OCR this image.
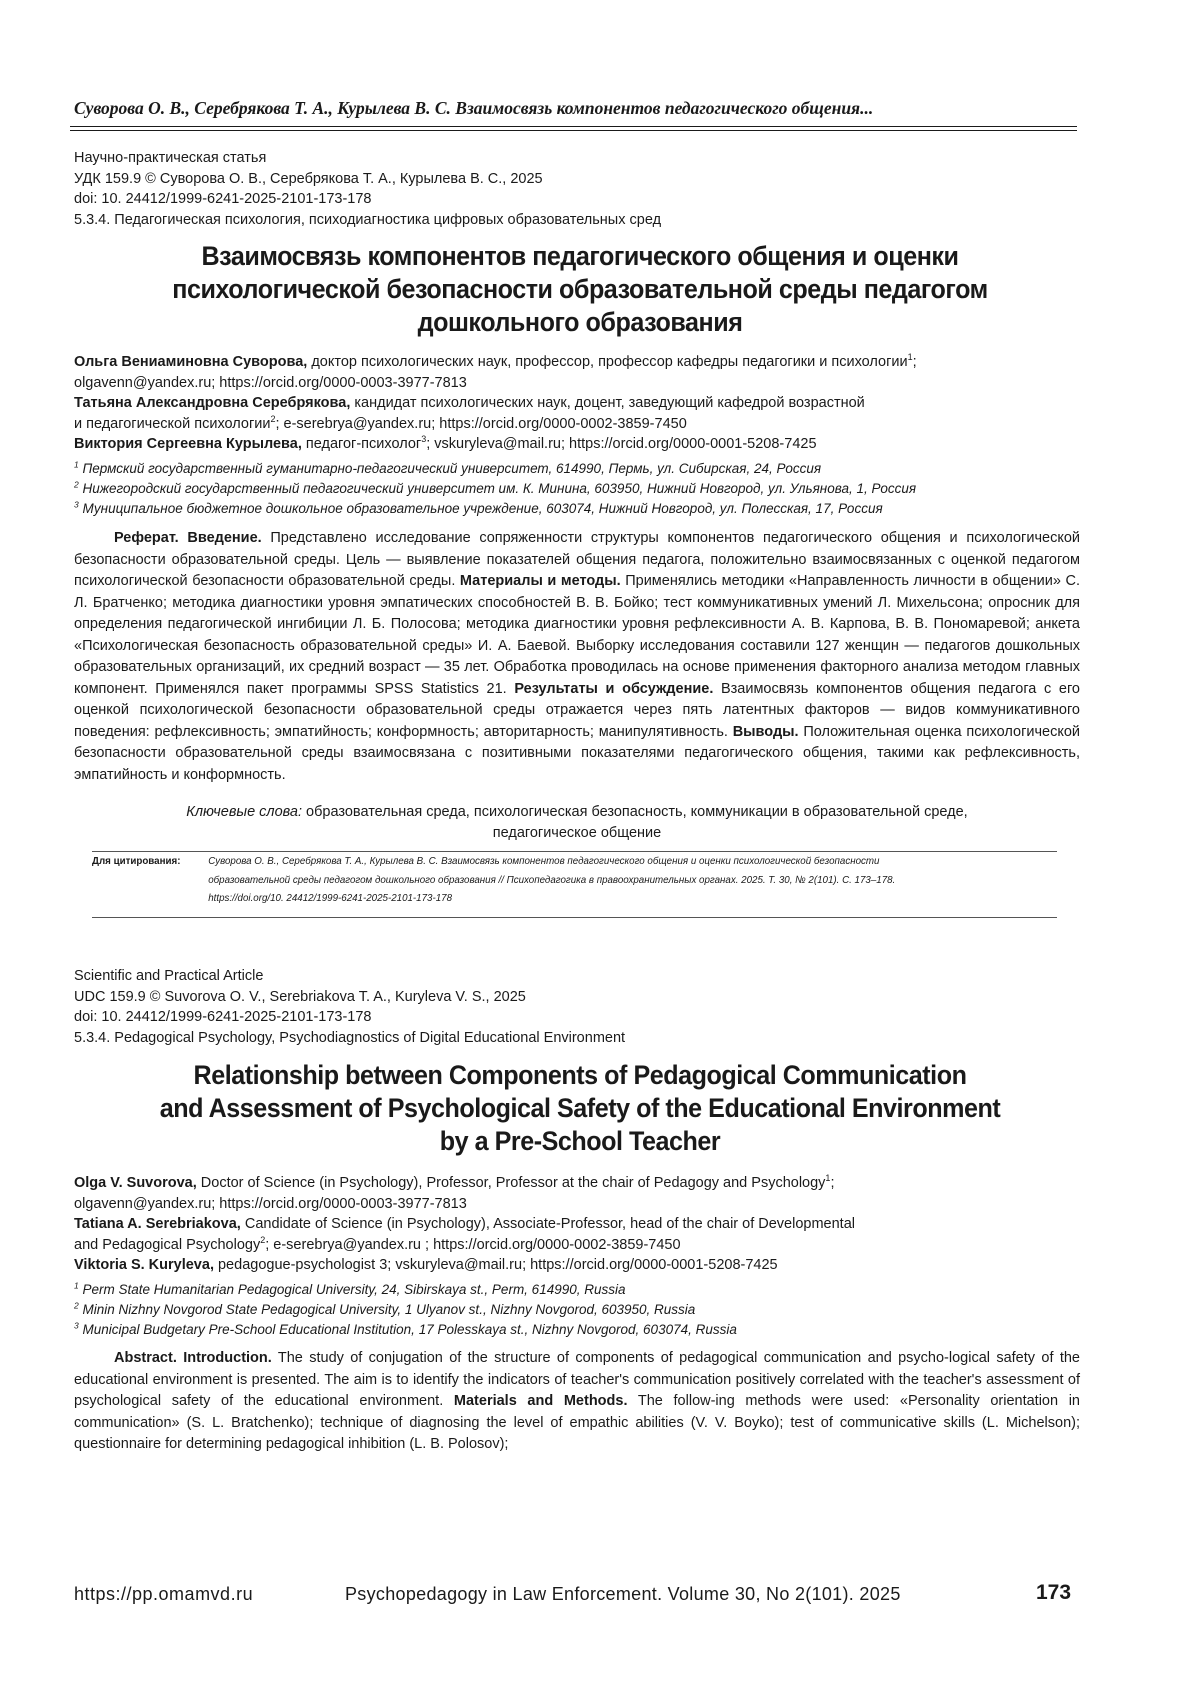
Суворова О. В., Серебрякова Т. А., Курылева В. С. Взаимосвязь компонентов педагогического общения...
Научно-практическая статья
УДК 159.9 © Суворова О. В., Серебрякова Т. А., Курылева В. С., 2025
doi: 10. 24412/1999-6241-2025-2101-173-178
5.3.4. Педагогическая психология, психодиагностика цифровых образовательных сред
Взаимосвязь компонентов педагогического общения и оценки
психологической безопасности образовательной среды педагогом
дошкольного образования
Ольга Вениаминовна Суворова, доктор психологических наук, профессор, профессор кафедры педагогики и психологии$^1$;
olgavenn@yandex.ru; https://orcid.org/0000-0003-3977-7813
Татьяна Александровна Серебрякова, кандидат психологических наук, доцент, заведующий кафедрой возрастной
и педагогической психологии$^2$; e-serebrya@yandex.ru; https://orcid.org/0000-0002-3859-7450
Виктория Сергеевна Курылева, педагог-психолог$^3$; vskuryleva@mail.ru; https://orcid.org/0000-0001-5208-7425
$^1$ Пермский государственный гуманитарно-педагогический университет, 614990, Пермь, ул. Сибирская, 24, Россия
$^2$ Нижегородский государственный педагогический университет им. К. Минина, 603950, Нижний Новгород, ул. Ульянова, 1, Россия
$^3$ Муниципальное бюджетное дошкольное образовательное учреждение, 603074, Нижний Новгород, ул. Полесская, 17, Россия

Реферат. Введение. Представлено исследование сопряженности структуры компонентов педагогического общения и психологической безопасности образовательной среды. Цель — выявление показателей общения педагога, положительно взаимосвязанных с оценкой педагогом психологической безопасности образовательной среды. Материалы и методы. Применялись методики «Направленность личности в общении» С. Л. Братченко; методика диагностики уровня эмпатических способностей В. В. Бойко; тест коммуникативных умений Л. Михельсона; опросник для определения педагогической ингибиции Л. Б. Полосова; методика диагностики уровня рефлексивности А. В. Карпова, В. В. Пономаревой; анкета «Психологическая безопасность образовательной среды» И. А. Баевой. Выборку исследования составили 127 женщин — педагогов дошкольных образовательных организаций, их средний возраст — 35 лет. Обработка проводилась на основе применения факторного анализа методом главных компонент. Применялся пакет программы SPSS Statistics 21. Результаты и обсуждение. Взаимосвязь компонентов общения педагога с его оценкой психологической безопасности образовательной среды отражается через пять латентных факторов — видов коммуникативного поведения: рефлексивность; эмпатийность; конформность; авторитарность; манипулятивность. Выводы. Положительная оценка психологической безопасности образовательной среды взаимосвязана с позитивными показателями педагогического общения, такими как рефлексивность, эмпатийность и конформность.

Ключевые слова: образовательная среда, психологическая безопасность, коммуникации в образовательной среде,
педагогическое общение
Для цитирования:	Суворова О. В., Серебрякова Т. А., Курылева В. С. Взаимосвязь компонентов педагогического общения и оценки психологической безопасности
образовательной среды педагогом дошкольного образования // Психопедагогика в правоохранительных органах. 2025. Т. 30, № 2(101). С. 173–178.
https://doi.org/10. 24412/1999-6241-2025-2101-173-178
Scientific and Practical Article
UDC 159.9 © Suvorova O. V., Serebriakova T. A., Kuryleva V. S., 2025
doi: 10. 24412/1999-6241-2025-2101-173-178
5.3.4. Pedagogical Psychology, Psychodiagnostics of Digital Educational Environment
Relationship between Components of Pedagogical Communication
and Assessment of Psychological Safety of the Educational Environment
by a Pre-School Teacher
Olga V. Suvorova, Doctor of Science (in Psychology), Professor, Professor at the chair of Pedagogy and Psychology$^1$;
olgavenn@yandex.ru; https://orcid.org/0000-0003-3977-7813
Tatiana A. Serebriakova, Candidate of Science (in Psychology), Associate-Professor, head of the chair of Developmental
and Pedagogical Psychology$^2$; e-serebrya@yandex.ru ; https://orcid.org/0000-0002-3859-7450
Viktoria S. Kuryleva, pedagogue-psychologist 3; vskuryleva@mail.ru; https://orcid.org/0000-0001-5208-7425
$^1$ Perm State Humanitarian Pedagogical University, 24, Sibirskaya st., Perm, 614990, Russia
$^2$ Minin Nizhny Novgorod State Pedagogical University, 1 Ulyanov st., Nizhny Novgorod, 603950, Russia
$^3$ Municipal Budgetary Pre-School Educational Institution, 17 Polesskaya st., Nizhny Novgorod, 603074, Russia

Abstract. Introduction. The study of conjugation of the structure of components of pedagogical communication and psycho-logical safety of the educational environment is presented. The aim is to identify the indicators of teacher's communication positively correlated with the teacher's assessment of psychological safety of the educational environment. Materials and Methods. The follow-ing methods were used: «Personality orientation in communication» (S. L. Bratchenko); technique of diagnosing the level of empathic abilities (V. V. Boyko); test of communicative skills (L. Michelson); questionnaire for determining pedagogical inhibition (L. B. Polosov);

https://pp.omamvd.ru	Psychopedagogy in Law Enforcement. Volume 30, No 2(101). 2025	173
